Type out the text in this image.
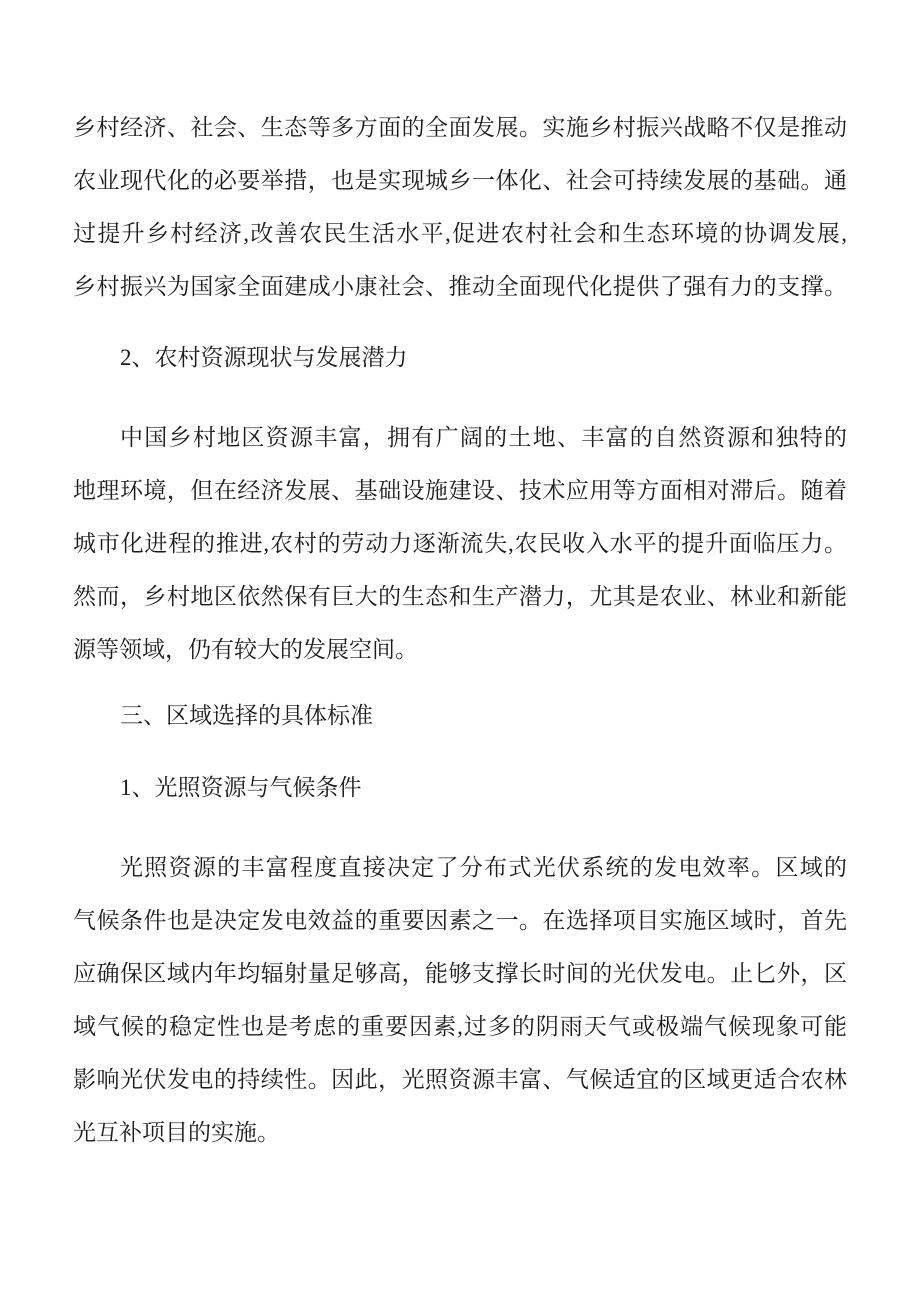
乡村经济、社会、生态等多方面的全面发展。实施乡村振兴战略不仅是推动
农业现代化的必要举措，也是实现城乡一体化、社会可持续发展的基础。通
过提升乡村经济,改善农民生活水平,促进农村社会和生态环境的协调发展,
乡村振兴为国家全面建成小康社会、推动全面现代化提供了强有力的支撑。
2、农村资源现状与发展潜力
中国乡村地区资源丰富，拥有广阔的土地、丰富的自然资源和独特的
地理环境，但在经济发展、基础设施建设、技术应用等方面相对滞后。随着
城市化进程的推进,农村的劳动力逐渐流失,农民收入水平的提升面临压力。
然而，乡村地区依然保有巨大的生态和生产潜力，尤其是农业、林业和新能
源等领域，仍有较大的发展空间。
三、区域选择的具体标准
1、光照资源与气候条件
光照资源的丰富程度直接决定了分布式光伏系统的发电效率。区域的
气候条件也是决定发电效益的重要因素之一。在选择项目实施区域时，首先
应确保区域内年均辐射量足够高，能够支撑长时间的光伏发电。止匕外，区
域气候的稳定性也是考虑的重要因素,过多的阴雨天气或极端气候现象可能
影响光伏发电的持续性。因此，光照资源丰富、气候适宜的区域更适合农林
光互补项目的实施。
